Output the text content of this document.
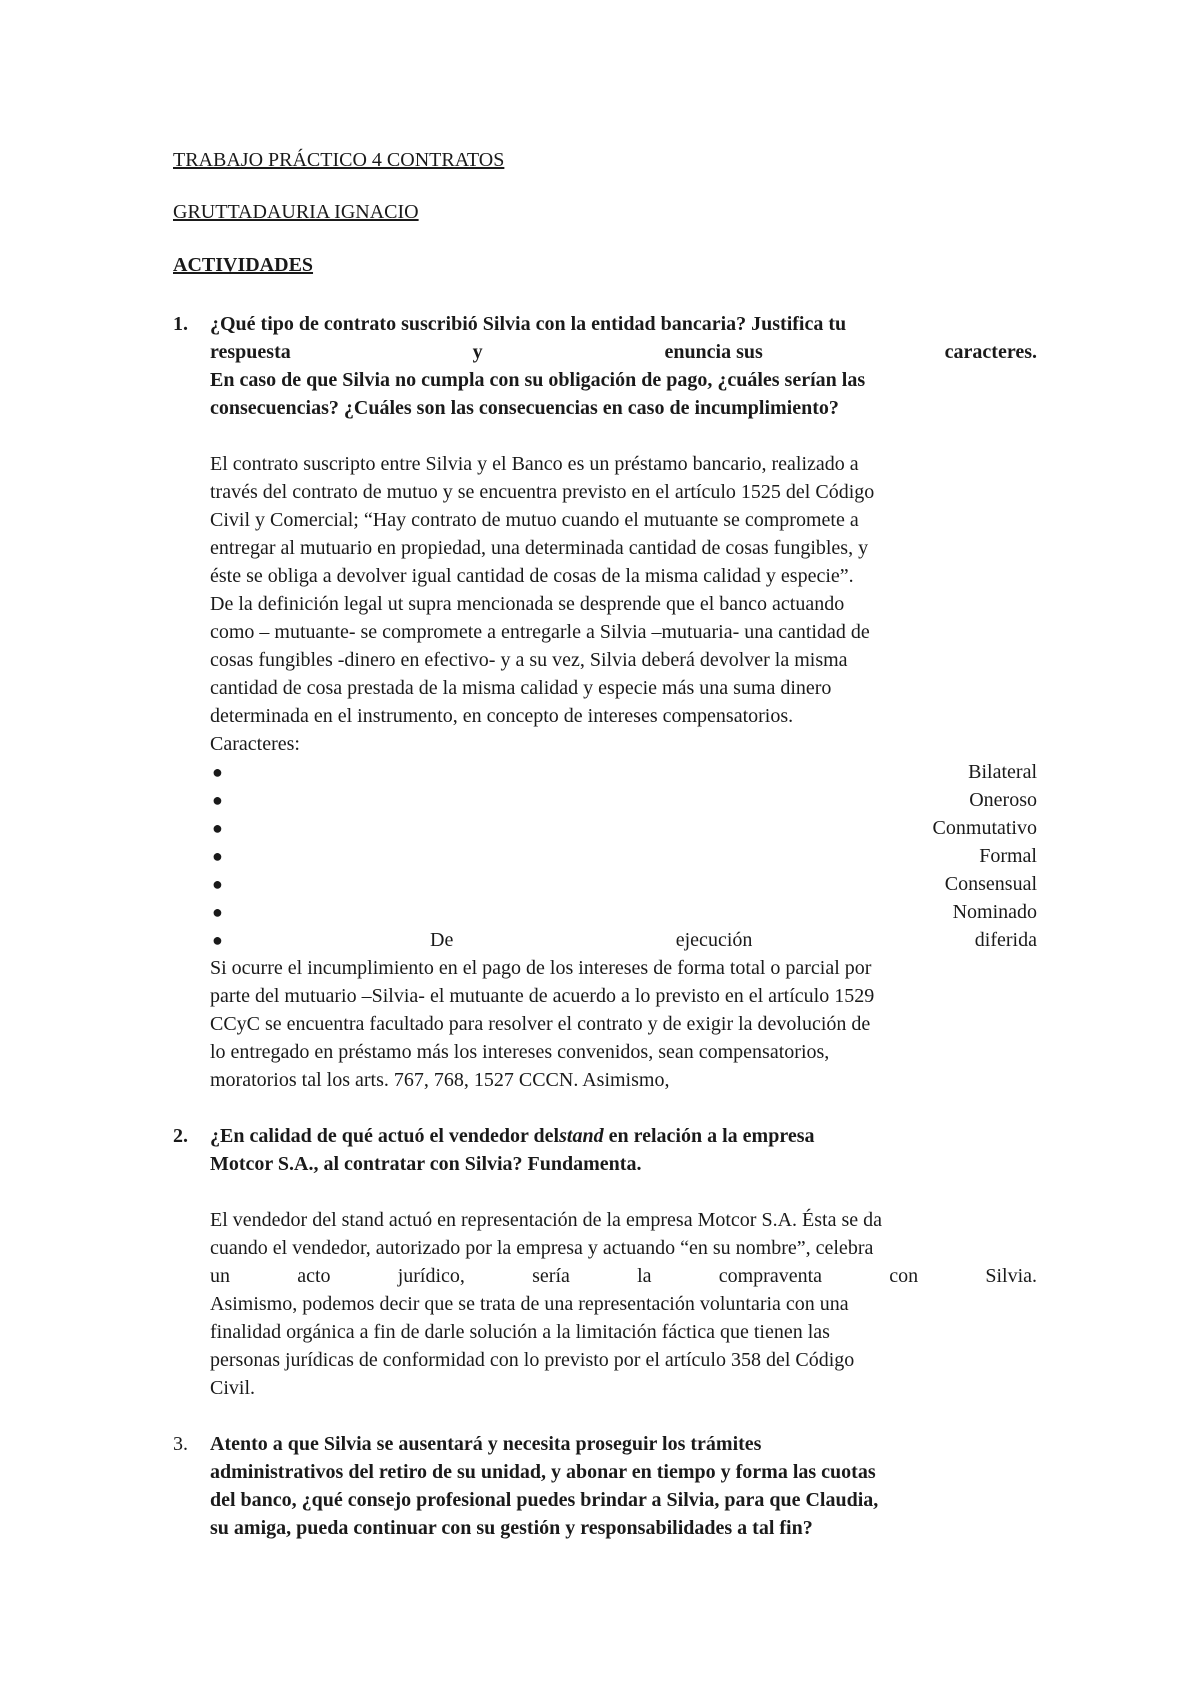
TRABAJO PRÁCTICO 4 CONTRATOS
GRUTTADAURIA IGNACIO
ACTIVIDADES
1. ¿Qué tipo de contrato suscribió Silvia con la entidad bancaria? Justifica tu
respuesta	y	enuncia sus	caracteres.
En caso de que Silvia no cumpla con su obligación de pago, ¿cuáles serían las
consecuencias? ¿Cuáles son las consecuencias en caso de incumplimiento?
El contrato suscripto entre Silvia y el Banco es un préstamo bancario, realizado a
través del contrato de mutuo y se encuentra previsto en el artículo 1525 del Código
Civil y Comercial; “Hay contrato de mutuo cuando el mutuante se compromete a
entregar al mutuario en propiedad, una determinada cantidad de cosas fungibles, y
éste se obliga a devolver igual cantidad de cosas de la misma calidad y especie”.
De la definición legal ut supra mencionada se desprende que el banco actuando
como – mutuante- se compromete a entregarle a Silvia –mutuaria- una cantidad de
cosas fungibles -dinero en efectivo- y a su vez, Silvia deberá devolver la misma
cantidad de cosa prestada de la misma calidad y especie más una suma dinero
determinada en el instrumento, en concepto de intereses compensatorios.
Caracteres:
●	Bilateral
●	Oneroso
●	Conmutativo
●	Formal
●	Consensual
●	Nominado
●	De	ejecución	diferida
Si ocurre el incumplimiento en el pago de los intereses de forma total o parcial por
parte del mutuario –Silvia- el mutuante de acuerdo a lo previsto en el artículo 1529
CCyC se encuentra facultado para resolver el contrato y de exigir la devolución de
lo entregado en préstamo más los intereses convenidos, sean compensatorios,
moratorios tal los arts. 767, 768, 1527 CCCN. Asimismo,
2. ¿En calidad de qué actuó el vendedor delstand en relación a la empresa
Motcor S.A., al contratar con Silvia? Fundamenta.
El vendedor del stand actuó en representación de la empresa Motcor S.A. Ésta se da
cuando el vendedor, autorizado por la empresa y actuando “en su nombre”, celebra
un	acto	jurídico,	sería	la	compraventa	con	Silvia.
Asimismo, podemos decir que se trata de una representación voluntaria con una
finalidad orgánica a fin de darle solución a la limitación fáctica que tienen las
personas jurídicas de conformidad con lo previsto por el artículo 358 del Código
Civil.
3. Atento a que Silvia se ausentará y necesita proseguir los trámites
administrativos del retiro de su unidad, y abonar en tiempo y forma las cuotas
del banco, ¿qué consejo profesional puedes brindar a Silvia, para que Claudia,
su amiga, pueda continuar con su gestión y responsabilidades a tal fin?
